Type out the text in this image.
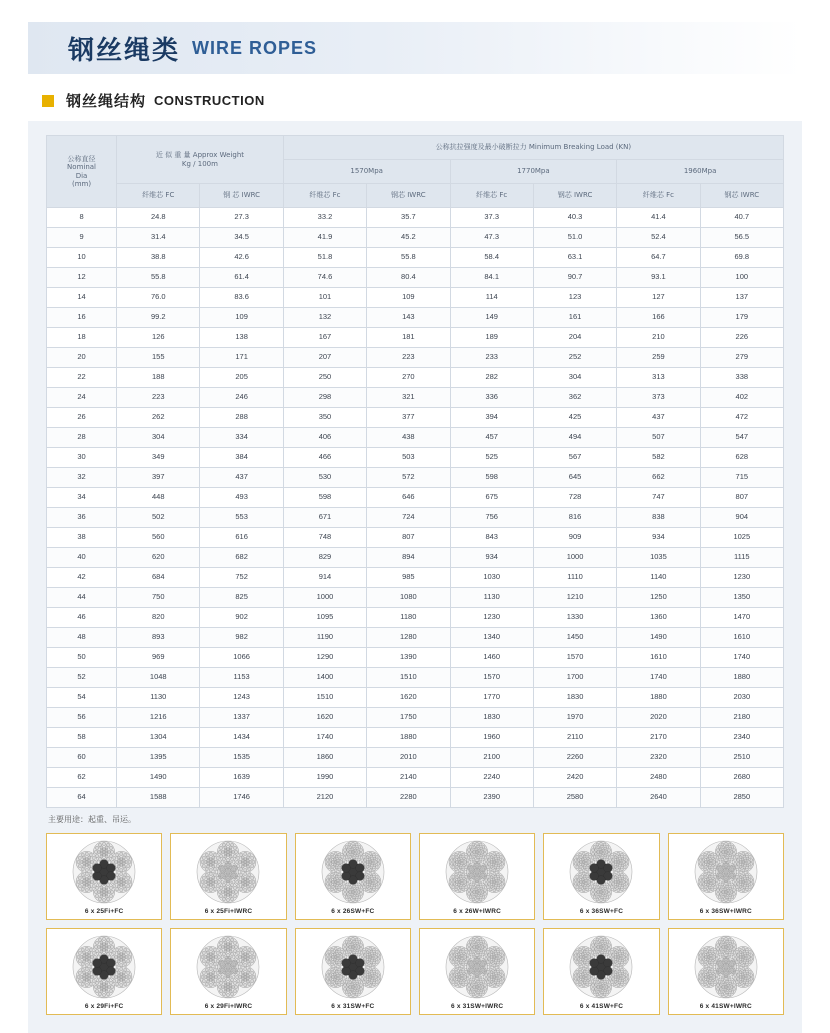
钢丝绳类 WIRE ROPES
钢丝绳结构 CONSTRUCTION
公称直径
Nominal
Dia
(mm)

近 似 重 量 Approx Weight
Kg / 100m
	公称抗拉强度及最小破断拉力 Minimum Breaking Load (KN)
			1570Mpa		1770Mpa		1960Mpa	
	纤维芯 FC	钢 芯 IWRC	纤维芯 Fc	钢芯 IWRC	纤维芯 Fc	钢芯 IWRC	纤维芯 Fc	钢芯 IWRC
8	24.8	27.3	33.2	35.7	37.3	40.3	41.4	40.7
9	31.4	34.5	41.9	45.2	47.3	51.0	52.4	56.5
10	38.8	42.6	51.8	55.8	58.4	63.1	64.7	69.8
12	55.8	61.4	74.6	80.4	84.1	90.7	93.1	100
14	76.0	83.6	101	109	114	123	127	137
16	99.2	109	132	143	149	161	166	179
18	126	138	167	181	189	204	210	226
20	155	171	207	223	233	252	259	279
22	188	205	250	270	282	304	313	338
24	223	246	298	321	336	362	373	402
26	262	288	350	377	394	425	437	472
28	304	334	406	438	457	494	507	547
30	349	384	466	503	525	567	582	628
32	397	437	530	572	598	645	662	715
34	448	493	598	646	675	728	747	807
36	502	553	671	724	756	816	838	904
38	560	616	748	807	843	909	934	1025
40	620	682	829	894	934	1000	1035	1115
42	684	752	914	985	1030	1110	1140	1230
44	750	825	1000	1080	1130	1210	1250	1350
46	820	902	1095	1180	1230	1330	1360	1470
48	893	982	1190	1280	1340	1450	1490	1610
50	969	1066	1290	1390	1460	1570	1610	1740
52	1048	1153	1400	1510	1570	1700	1740	1880
54	1130	1243	1510	1620	1770	1830	1880	2030
56	1216	1337	1620	1750	1830	1970	2020	2180
58	1304	1434	1740	1880	1960	2110	2170	2340
60	1395	1535	1860	2010	2100	2260	2320	2510
62	1490	1639	1990	2140	2240	2420	2480	2680
64	1588	1746	2120	2280	2390	2580	2640	2850
主要用途：起重、吊运。
6 x 25Fi+FC	6 x 25Fi+IWRC	6 x 26SW+FC	6 x 26W+IWRC	6 x 36SW+FC	6 x 36SW+IWRC
6 x 29Fi+FC	6 x 29Fi+IWRC	6 x 31SW+FC	6 x 31SW+IWRC	6 x 41SW+FC	6 x 41SW+IWRC
